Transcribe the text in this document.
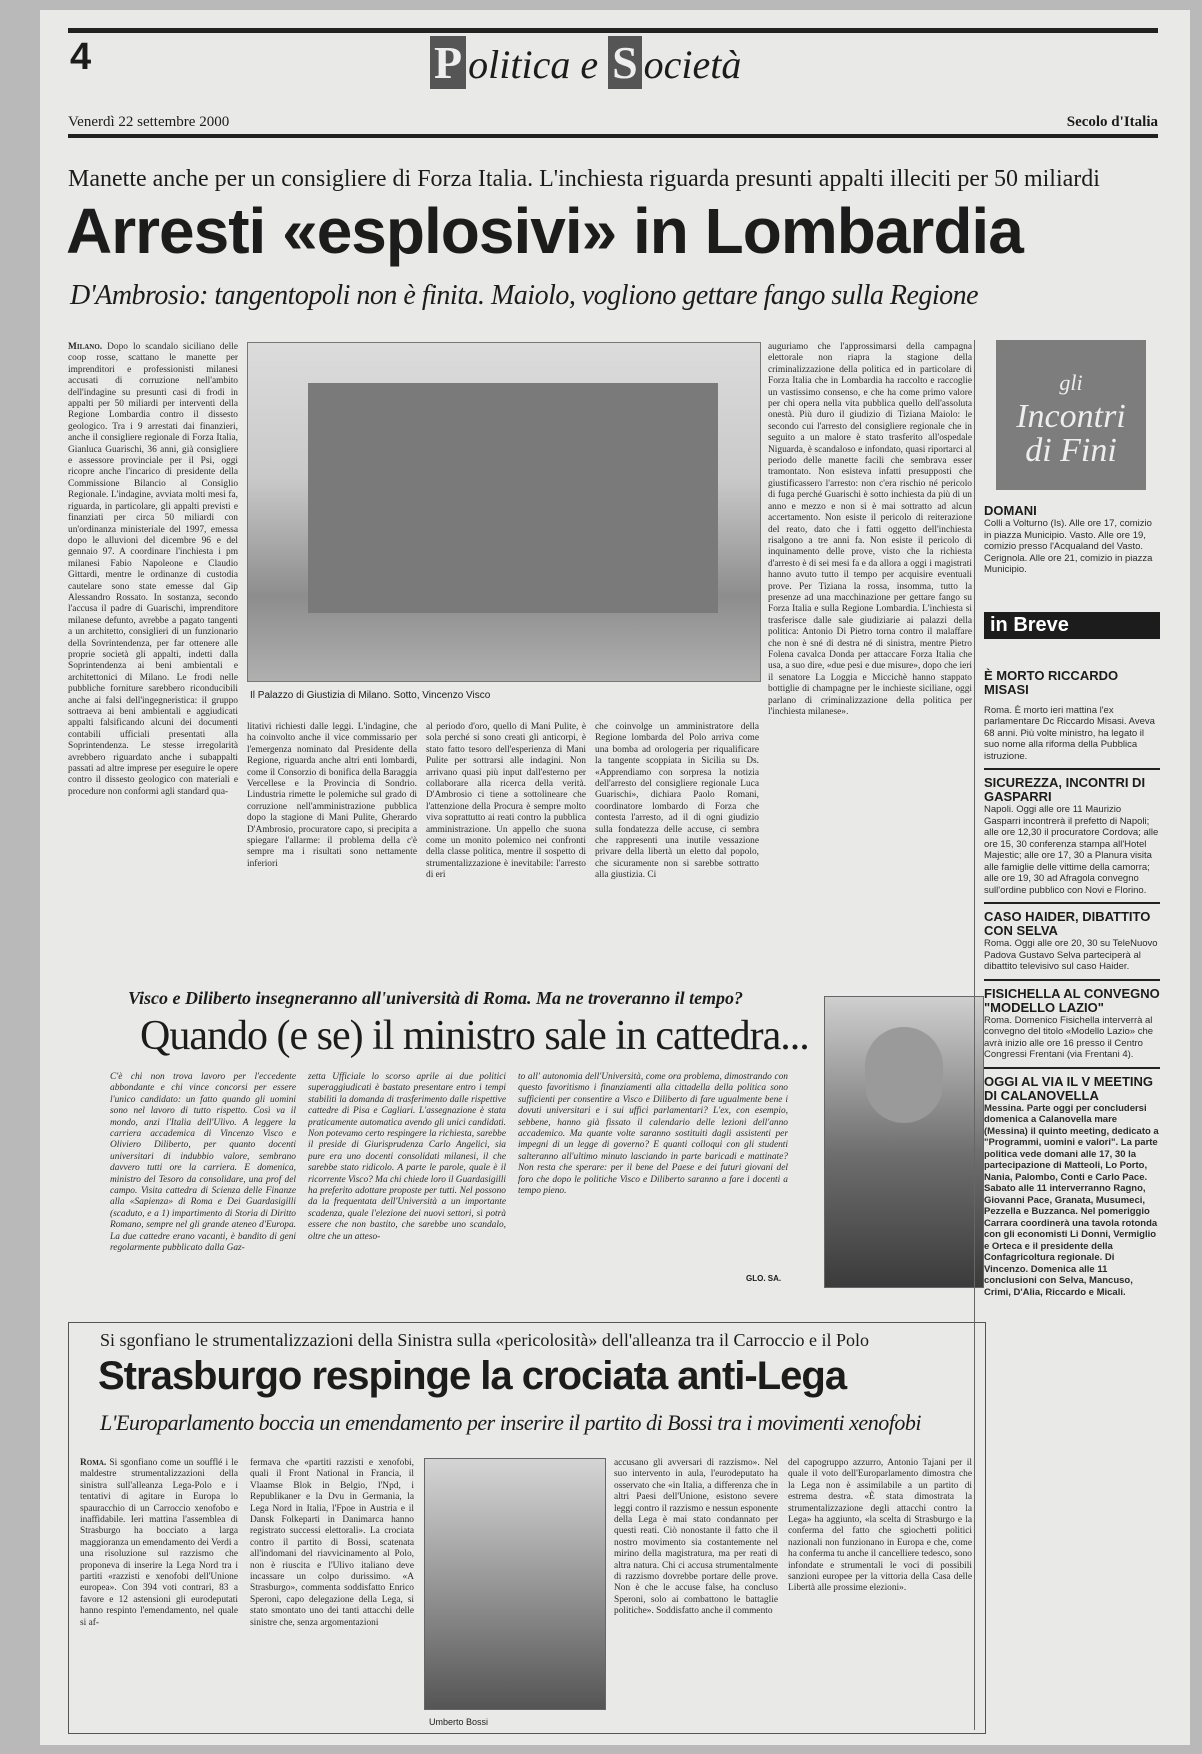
4	P olitica e S ocietà
Venerdì 22 settembre 2000	Secolo d'Italia
Manette anche per un consigliere di Forza Italia. L'inchiesta riguarda presunti appalti illeciti per 50 miliardi
Arresti «esplosivi» in Lombardia
D'Ambrosio: tangentopoli non è finita. Maiolo, vogliono gettare fango sulla Regione
Milano. Dopo lo scandalo siciliano delle coop rosse, scattano le manette per imprenditori e professionisti milanesi accusati di corruzione nell'ambito dell'indagine su presunti casi di frodi in appalti per 50 miliardi per interventi della Regione Lombardia contro il dissesto geologico. Tra i 9 arrestati dai finanzieri, anche il consigliere regionale di Forza Italia, Gianluca Guarischi, 36 anni, già consigliere e assessore provinciale per il Psi, oggi ricopre anche l'incarico di presidente della Commissione Bilancio al Consiglio Regionale. L'indagine, avviata molti mesi fa, riguarda, in particolare, gli appalti previsti e finanziati per circa 50 miliardi con un'ordinanza ministeriale del 1997, emessa dopo le alluvioni del dicembre 96 e del gennaio 97. A coordinare l'inchiesta i pm milanesi Fabio Napoleone e Claudio Gittardi, mentre le ordinanze di custodia cautelare sono state emesse dal Gip Alessandro Rossato. In sostanza, secondo l'accusa il padre di Guarischi, imprenditore milanese defunto, avrebbe a pagato tangenti a un architetto, consiglieri di un funzionario della Sovrintendenza, per far ottenere alle proprie società gli appalti, indetti dalla Soprintendenza ai beni ambientali e architettonici di Milano. Le frodi nelle pubbliche forniture sarebbero riconducibili anche ai falsi dell'ingegneristica: il gruppo sottraeva ai beni ambientali e aggiudicati appalti falsificando alcuni dei documenti contabili ufficiali presentati alla Soprintendenza. Le stesse irregolarità avrebbero riguardato anche i subappalti passati ad altre imprese per eseguire le opere contro il dissesto geologico con materiali e procedure non conformi agli standard qua-
Il Palazzo di Giustizia di Milano. Sotto, Vincenzo Visco
litativi richiesti dalle leggi. L'indagine, che ha coinvolto anche il vice commissario per l'emergenza nominato dal Presidente della Regione, riguarda anche altri enti lombardi, come il Consorzio di bonifica della Baraggia Vercellese e la Provincia di Sondrio. Lindustria rimette le polemiche sul grado di corruzione nell'amministrazione pubblica dopo la stagione di Mani Pulite, Gherardo D'Ambrosio, procuratore capo, si precipita a spiegare l'allarme: il problema della c'è sempre ma i risultati sono nettamente inferiori
al periodo d'oro, quello di Mani Pulite, è sola perché si sono creati gli anticorpi, è stato fatto tesoro dell'esperienza di Mani Pulite per sottrarsi alle indagini. Non arrivano quasi più input dall'esterno per collaborare alla ricerca della verità. D'Ambrosio ci tiene a sottolineare che l'attenzione della Procura è sempre molto viva soprattutto ai reati contro la pubblica amministrazione. Un appello che suona come un monito polemico nei confronti della classe politica, mentre il sospetto di strumentalizzazione è inevitabile: l'arresto di eri
che coinvolge un amministratore della Regione lombarda del Polo arriva come una bomba ad orologeria per riqualificare la tangente scoppiata in Sicilia su Ds. «Apprendiamo con sorpresa la notizia dell'arresto del consigliere regionale Luca Guarischi», dichiara Paolo Romani, coordinatore lombardo di Forza che contesta l'arresto, ad il di ogni giudizio sulla fondatezza delle accuse, ci sembra che rappresenti una inutile vessazione privare della libertà un eletto dal popolo, che sicuramente non si sarebbe sottratto alla giustizia. Ci
auguriamo che l'approssimarsi della campagna elettorale non riapra la stagione della criminalizzazione della politica ed in particolare di Forza Italia che in Lombardia ha raccolto e raccoglie un vastissimo consenso, e che ha come primo valore per chi opera nella vita pubblica quello dell'assoluta onestà. Più duro il giudizio di Tiziana Maiolo: le secondo cui l'arresto del consigliere regionale che in seguito a un malore è stato trasferito all'ospedale Niguarda, è scandaloso e infondato, quasi riportarci al periodo delle manette facili che sembrava esser tramontato. Non esisteva infatti presupposti che giustificassero l'arresto: non c'era rischio né pericolo di fuga perché Guarischi è sotto inchiesta da più di un anno e mezzo e non si è mai sottratto ad alcun accertamento. Non esiste il pericolo di reiterazione del reato, dato che i fatti oggetto dell'inchiesta risalgono a tre anni fa. Non esiste il pericolo di inquinamento delle prove, visto che la richiesta d'arresto è di sei mesi fa e da allora a oggi i magistrati hanno avuto tutto il tempo per acquisire eventuali prove. Per Tiziana la rossa, insomma, tutto la presenze ad una macchinazione per gettare fango su Forza Italia e sulla Regione Lombardia. L'inchiesta si trasferisce dalle sale giudiziarie ai palazzi della politica: Antonio Di Pietro torna contro il malaffare che non è sné di destra né di sinistra, mentre Pietro Folena cavalca Donda per attaccare Forza Italia che usa, a suo dire, «due pesi e due misure», dopo che ieri il senatore La Loggia e Miccichè hanno stappato bottiglie di champagne per le inchieste siciliane, oggi parlano di criminalizzazione della politica per l'inchiesta milanese».
gli
Incontri
di Fini
DOMANI
Colli a Volturno (Is). Alle ore 17, comizio in piazza Municipio. Vasto. Alle ore 19, comizio presso l'Acqualand del Vasto. Cerignola. Alle ore 21, comizio in piazza Municipio.
in Breve
È MORTO RICCARDO MISASI
Roma. È morto ieri mattina l'ex parlamentare Dc Riccardo Misasi. Aveva 68 anni. Più volte ministro, ha legato il suo nome alla riforma della Pubblica istruzione.
SICUREZZA, INCONTRI DI GASPARRI
Napoli. Oggi alle ore 11 Maurizio Gasparri incontrerà il prefetto di Napoli; alle ore 12,30 il procuratore Cordova; alle ore 15, 30 conferenza stampa all'Hotel Majestic; alle ore 17, 30 a Planura visita alle famiglie delle vittime della camorra; alle ore 19, 30 ad Afragola convegno sull'ordine pubblico con Novi e Florino.
CASO HAIDER, DIBATTITO CON SELVA
Roma. Oggi alle ore 20, 30 su TeleNuovo Padova Gustavo Selva parteciperà al dibattito televisivo sul caso Haider.
FISICHELLA AL CONVEGNO "MODELLO LAZIO"
Roma. Domenico Fisichella interverrà al convegno del titolo «Modello Lazio» che avrà inizio alle ore 16 presso il Centro Congressi Frentani (via Frentani 4).
OGGI AL VIA IL V MEETING DI CALANOVELLA
Messina. Parte oggi per concludersi domenica a Calanovella mare (Messina) il quinto meeting, dedicato a "Programmi, uomini e valori". La parte politica vede domani alle 17, 30 la partecipazione di Matteoli, Lo Porto, Nania, Palombo, Conti e Carlo Pace. Sabato alle 11 interverranno Ragno, Giovanni Pace, Granata, Musumeci, Pezzella e Buzzanca. Nel pomeriggio Carrara coordinerà una tavola rotonda con gli economisti Li Donni, Vermiglio e Orteca e il presidente della Confagricoltura regionale. Di Vincenzo. Domenica alle 11 conclusioni con Selva, Mancuso, Crimi, D'Alia, Riccardo e Micali.
Visco e Diliberto insegneranno all'università di Roma. Ma ne troveranno il tempo?
Quando (e se) il ministro sale in cattedra...
C'è chi non trova lavoro per l'eccedente abbondante e chi vince concorsi per essere l'unico candidato: un fatto quando gli uomini sono nel lavoro di tutto rispetto. Così va il mondo, anzi l'Italia dell'Ulivo. A leggere la carriera accademica di Vincenzo Visco e Oliviero Diliberto, per quanto docenti universitari di indubbio valore, sembrano davvero tutti ore la carriera. E domenica, ministro del Tesoro da consolidare, una prof del campo. Visita cattedra di Scienza delle Finanze alla «Sapienza» di Roma e Dei Guardasigilli (scaduto, e a 1) impartimento di Storia di Diritto Romano, sempre nel gli grande ateneo d'Europa. La due cattedre erano vacanti, è bandito di geni regolarmente pubblicato dalla Gaz-
zetta Ufficiale lo scorso aprile ai due politici superaggiudicati è bastato presentare entro i tempi stabiliti la domanda di trasferimento dalle rispettive cattedre di Pisa e Cagliari. L'assegnazione è stata praticamente automatica avendo gli unici candidati. Non potevamo certo respingere la richiesta, sarebbe il preside di Giurisprudenza Carlo Angelici, sia pure era uno docenti consolidati milanesi, il che sarebbe stato ridicolo. A parte le parole, quale è il ricorrente Visco? Ma chi chiede loro il Guardasigilli ha preferito adottare proposte per tutti. Nel possono da la frequentata dell'Università a un importante scadenza, quale l'elezione dei nuovi settori, sì potrà essere che non bastito, che sarebbe uno scandalo, oltre che un atteso-
to all' autonomia dell'Università, come ora problema, dimostrando con questo favoritismo i finanziamenti alla cittadella della politica sono sufficienti per consentire a Visco e Diliberto di fare ugualmente bene i dovuti universitari e i sui uffici parlamentari? L'ex, con esempio, sebbene, hanno già fissato il calendario delle lezioni dell'anno accademico. Ma quante volte saranno sostituiti dagli assistenti per impegni di un legge di governo? E quanti colloqui con gli studenti salteranno all'ultimo minuto lasciando in parte baricadi e mattinate? Non resta che sperare: per il bene del Paese e dei futuri giovani del foro che dopo le politiche Visco e Diliberto saranno a fare i docenti a tempo pieno.
GLO. SA.
Si sgonfiano le strumentalizzazioni della Sinistra sulla «pericolosità» dell'alleanza tra il Carroccio e il Polo
Strasburgo respinge la crociata anti-Lega
L'Europarlamento boccia un emendamento per inserire il partito di Bossi tra i movimenti xenofobi
Roma. Si sgonfiano come un soufflé i le maldestre strumentalizzazioni della sinistra sull'alleanza Lega-Polo e i tentativi di agitare in Europa lo spauracchio di un Carroccio xenofobo e inaffidabile. Ieri mattina l'assemblea di Strasburgo ha bocciato a larga maggioranza un emendamento dei Verdi a una risoluzione sul razzismo che proponeva di inserire la Lega Nord tra i partiti «razzisti e xenofobi dell'Unione europea». Con 394 voti contrari, 83 a favore e 12 astensioni gli eurodeputati hanno respinto l'emendamento, nel quale si af-
fermava che «partiti razzisti e xenofobi, quali il Front National in Francia, il Vlaamse Blok in Belgio, l'Npd, i Republikaner e la Dvu in Germania, la Lega Nord in Italia, l'Fpoe in Austria e il Dansk Folkeparti in Danimarca hanno registrato successi elettorali». La crociata contro il partito di Bossi, scatenata all'indomani del riavvicinamento al Polo, non è riuscita e l'Ulivo italiano deve incassare un colpo durissimo. «A Strasburgo», commenta soddisfatto Enrico Speroni, capo delegazione della Lega, si stato smontato uno dei tanti attacchi delle sinistre che, senza argomentazioni
Umberto Bossi
accusano gli avversari di razzismo». Nel suo intervento in aula, l'eurodeputato ha osservato che «in Italia, a differenza che in altri Paesi dell'Unione, esistono severe leggi contro il razzismo e nessun esponente della Lega è mai stato condannato per questi reati. Ciò nonostante il fatto che il nostro movimento sia costantemente nel mirino della magistratura, ma per reati di altra natura. Chi ci accusa strumentalmente di razzismo dovrebbe portare delle prove. Non è che le accuse false, ha concluso Speroni, solo ai combattono le battaglie politiche». Soddisfatto anche il commento
del capogruppo azzurro, Antonio Tajani per il quale il voto dell'Europarlamento dimostra che la Lega non è assimilabile a un partito di estrema destra. «È stata dimostrata la strumentalizzazione degli attacchi contro la Lega» ha aggiunto, «la scelta di Strasburgo e la conferma del fatto che sgiochetti politici nazionali non funzionano in Europa e che, come ha conferma tu anche il cancelliere tedesco, sono infondate e strumentali le voci di possibili sanzioni europee per la vittoria della Casa delle Libertà alle prossime elezioni».
